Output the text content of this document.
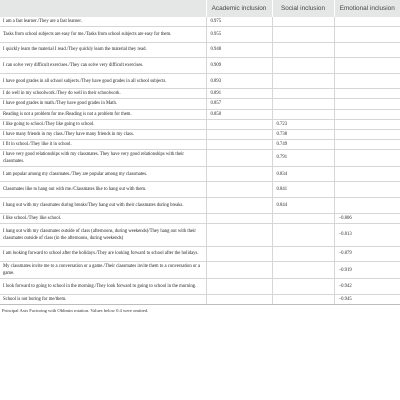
	Academic inclusion	Social inclusion	Emotional inclusion
I am a fast learner./They are a fast learner.	0.975		
Tasks from school subjects are easy for me./Tasks from school subjects are easy for them.	0.955		
I quickly learn the material I read./They quickly learn the material they read.	0.948		
I can solve very difficult exercises./They can solve very difficult exercises.	0.909		
I have good grades in all school subjects./They have good grades in all school subjects.	0.893		
I do well in my schoolwork./They do well in their schoolwork.	0.891		
I have good grades in math./They have good grades in Math.	0.857		
Reading is not a problem for me./Reading is not a problem for them.	0.850		
I like going to school./They like going to school.		0.723	
I have many friends in my class./They have many friends in my class.		0.738	
I fit in school./They like it in school.		0.749	
I have very good relationships with my classmates. They have very good relationships with their classmates.		0.791	
I am popular among my classmates./They are popular among my classmates.		0.834	
Classmates like to hang out with me./Classmates like to hang out with them.		0.841	
I hang out with my classmates during breaks/They hang out with their classmates during breaks.		0.844	
I like school./They like school.			−0.806
I hang out with my classmates outside of class (afternoons, during weekends)/They hang out with their classmates outside of class (in the afternoons, during weekends)			−0.813
I am looking forward to school after the holidays./They are looking forward to school after the holidays.			−0.879
My classmates invite me to a conversation or a game./Their classmates invite them to a conversation or a game.			−0.919
I look forward to going to school in the morning./They look forward to going to school in the morning.			−0.942
School is not boring for me/them.			−0.945
Principal Axis Factoring with Oblimin rotation. Values below 0.4 were omitted.
